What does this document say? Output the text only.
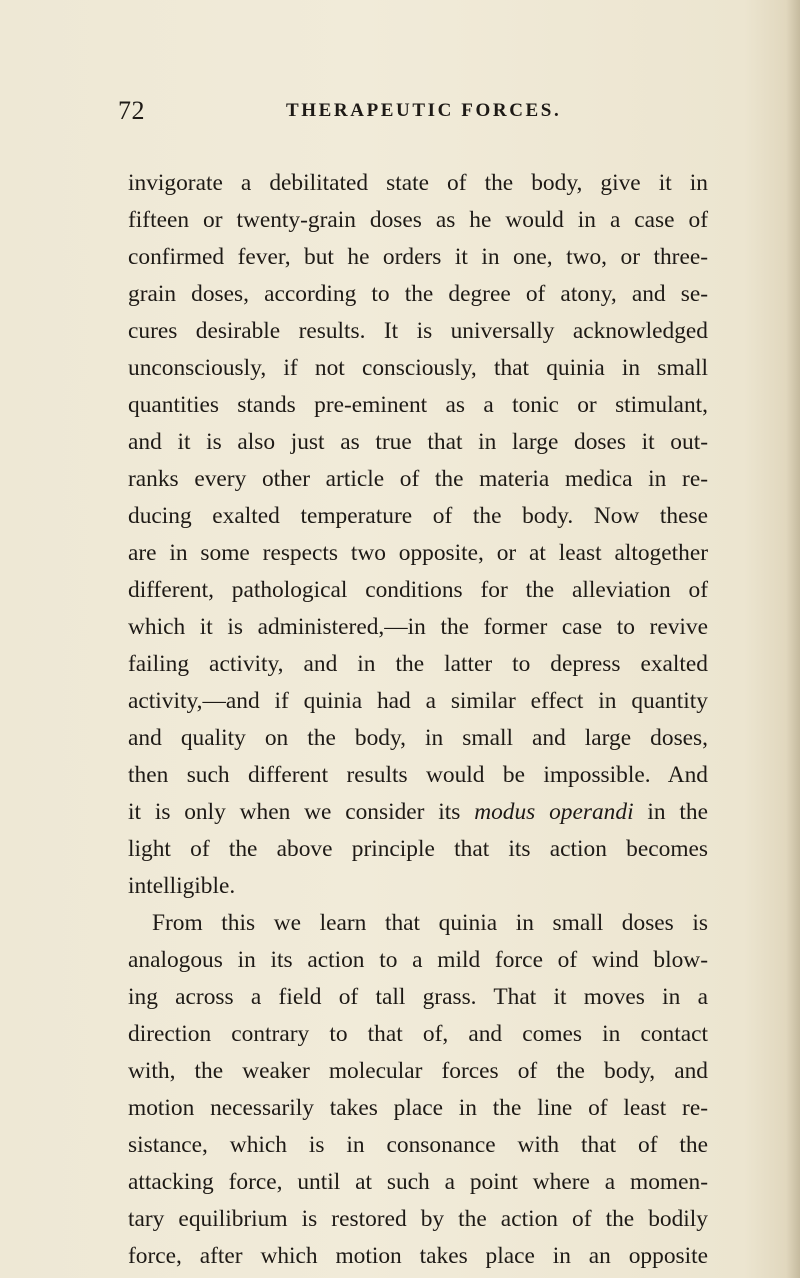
72	THERAPEUTIC FORCES.
invigorate a debilitated state of the body, give it in
fifteen or twenty-grain doses as he would in a case of
confirmed fever, but he orders it in one, two, or three-
grain doses, according to the degree of atony, and se-
cures desirable results. It is universally acknowledged
unconsciously, if not consciously, that quinia in small
quantities stands pre-eminent as a tonic or stimulant,
and it is also just as true that in large doses it out-
ranks every other article of the materia medica in re-
ducing exalted temperature of the body. Now these
are in some respects two opposite, or at least altogether
different, pathological conditions for the alleviation of
which it is administered,—in the former case to revive
failing activity, and in the latter to depress exalted
activity,—and if quinia had a similar effect in quantity
and quality on the body, in small and large doses,
then such different results would be impossible. And
it is only when we consider its modus operandi in the
light of the above principle that its action becomes
intelligible.
From this we learn that quinia in small doses is
analogous in its action to a mild force of wind blow-
ing across a field of tall grass. That it moves in a
direction contrary to that of, and comes in contact
with, the weaker molecular forces of the body, and
motion necessarily takes place in the line of least re-
sistance, which is in consonance with that of the
attacking force, until at such a point where a momen-
tary equilibrium is restored by the action of the bodily
force, after which motion takes place in an opposite
